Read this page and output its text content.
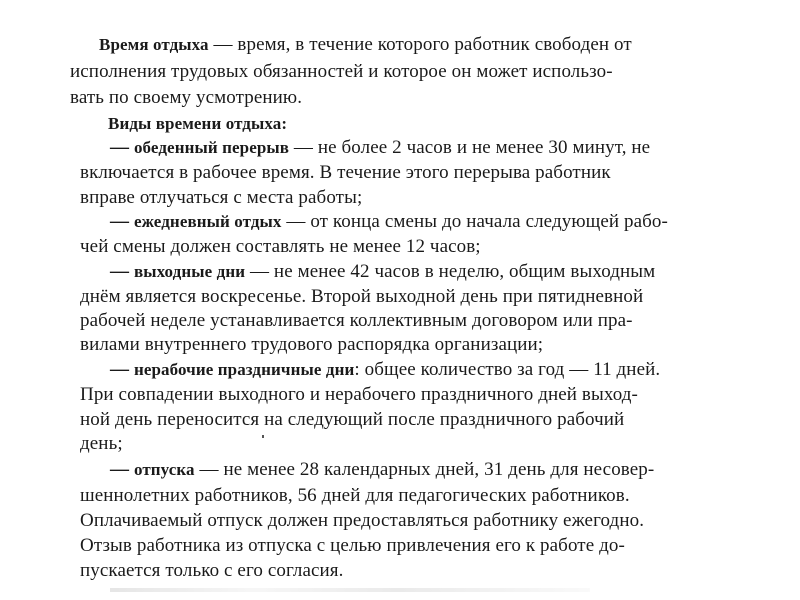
Время отдыха — время, в течение которого работник свободен от
исполнения трудовых обязанностей и которое он может использо-
вать по своему усмотрению.
Виды времени отдыха:
— обеденный перерыв — не более 2 часов и не менее 30 минут, не
включается в рабочее время. В течение этого перерыва работник
вправе отлучаться с места работы;
— ежедневный отдых — от конца смены до начала следующей рабо-
чей смены должен составлять не менее 12 часов;
— выходные дни — не менее 42 часов в неделю, общим выходным
днём является воскресенье. Второй выходной день при пятидневной
рабочей неделе устанавливается коллективным договором или пра-
вилами внутреннего трудового распорядка организации;
— нерабочие праздничные дни: общее количество за год — 11 дней.
При совпадении выходного и нерабочего праздничного дней выход-
ной день переносится на следующий после праздничного рабочий
день;
— отпуска — не менее 28 календарных дней, 31 день для несовер-
шеннолетних работников, 56 дней для педагогических работников.
Оплачиваемый отпуск должен предоставляться работнику ежегодно.
Отзыв работника из отпуска с целью привлечения его к работе до-
пускается только с его согласия.
